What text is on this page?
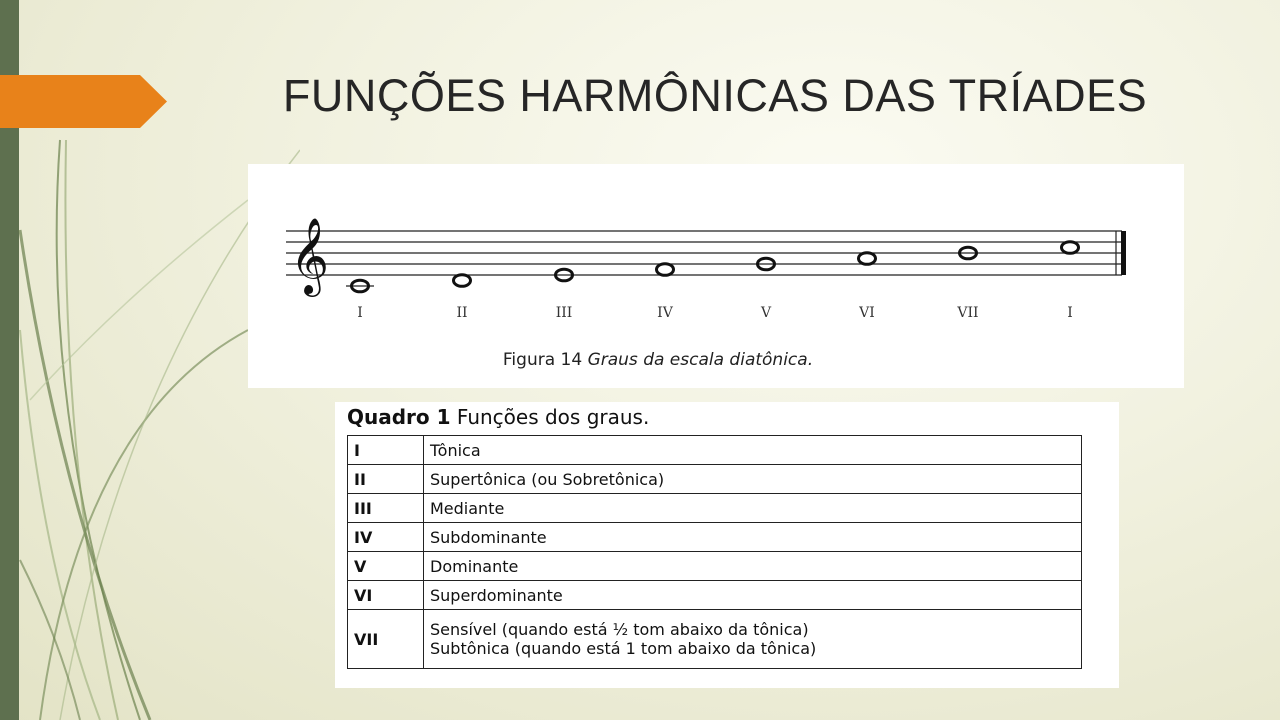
FUNÇÕES HARMÔNICAS DAS TRÍADES
𝄞
I	II	III	IV	V	VI	VII	I
Figura 14 Graus da escala diatônica.
Quadro 1 Funções dos graus.
I	Tônica
II	Supertônica (ou Sobretônica)
III	Mediante
IV	Subdominante
V	Dominante
VI	Superdominante
VII	Sensível (quando está ½ tom abaixo da tônica)
Subtônica (quando está 1 tom abaixo da tônica)
